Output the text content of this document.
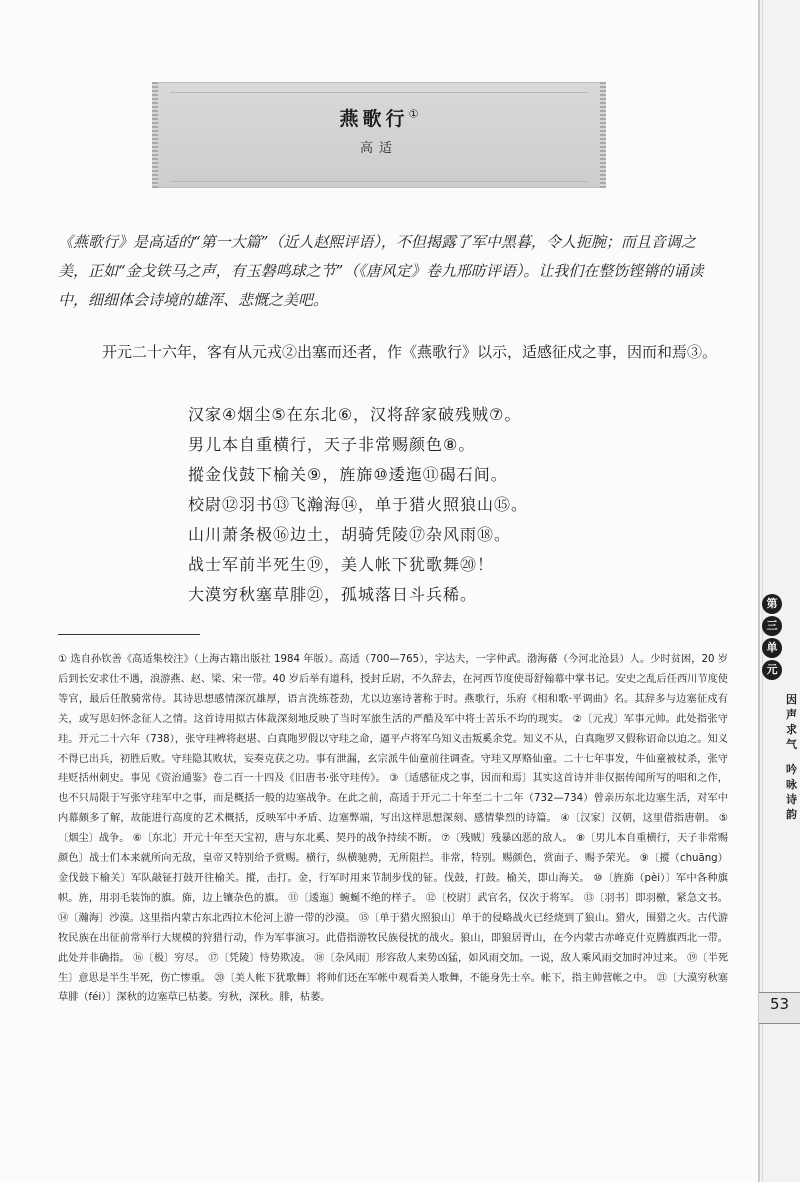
燕歌行①
高适
《燕歌行》是高适的“第一大篇”（近人赵熙评语），不但揭露了军中黑暮，令人扼腕；而且音调之美，正如“金戈铁马之声，有玉磐鸣球之节”（《唐风定》卷九邢昉评语）。让我们在整饬铿锵的诵读中，细细体会诗境的雄浑、悲慨之美吧。
开元二十六年，客有从元戎②出塞而还者，作《燕歌行》以示，适感征戍之事，因而和焉③。
汉家④烟尘⑤在东北⑥，汉将辞家破残贼⑦。
男儿本自重横行，天子非常赐颜色⑧。
摐金伐鼓下榆关⑨，旌旆⑩逶迤⑪碣石间。
校尉⑫羽书⑬飞瀚海⑭，单于猎火照狼山⑮。
山川萧条极⑯边土，胡骑凭陵⑰杂风雨⑱。
战士军前半死生⑲，美人帐下犹歌舞⑳！
大漠穷秋塞草腓㉑，孤城落日斗兵稀。
① 选自孙钦善《高适集校注》（上海古籍出版社 1984 年版）。高适（700—765），字达夫，一字仲武。渤海蓨（今河北沧县）人。少时贫困，20 岁后到长安求仕不遇，浪游燕、赵、梁、宋一带。40 岁后举有道科，授封丘尉，不久辞去，在河西节度使哥舒翰幕中掌书记。安史之乱后任西川节度使等官，最后任散骑常侍。其诗思想感情深沉雄厚，语言洗练苍劲，尤以边塞诗著称于时。燕歌行，乐府《相和歌·平调曲》名。其辞多与边塞征戍有关，或写思妇怀念征人之情。这首诗用拟古体裁深刻地反映了当时军旅生活的严酷及军中将士苦乐不均的现实。 ②〔元戎〕军事元帅。此处指张守珪。开元二十六年（738），张守珪裨将赵堪、白真陁罗假以守珪之命，逼平卢将军乌知义击叛奚余党。知义不从，白真陁罗又假称诏命以迫之。知义不得已出兵，初胜后败。守珪隐其败状，妄奏克获之功。事有泄漏，玄宗派牛仙童前往调查。守珪又厚赂仙童。二十七年事发，牛仙童被杖杀，张守珪贬括州刺史。事见《资治通鉴》卷二百一十四及《旧唐书·张守珪传》。 ③〔适感征戍之事，因而和焉〕其实这首诗并非仅据传闻所写的唱和之作，也不只局限于写张守珪军中之事，而是概括一般的边塞战争。在此之前，高适于开元二十年至二十二年（732—734）曾亲历东北边塞生活，对军中内幕颇多了解，故能进行高度的艺术概括，反映军中矛盾、边塞弊端，写出这样思想深刻、感情挚烈的诗篇。 ④〔汉家〕汉朝，这里借指唐朝。 ⑤〔烟尘〕战争。 ⑥〔东北〕开元十年至天宝初，唐与东北奚、契丹的战争持续不断。 ⑦〔残贼〕残暴凶恶的敌人。 ⑧〔男儿本自重横行，天子非常赐颜色〕战士们本来就所向无敌，皇帝又特别给予赏赐。横行，纵横驰骋，无所阻拦。非常，特别。赐颜色，赏面子、赐予荣光。 ⑨〔摐（chuāng）金伐鼓下榆关〕军队敲钲打鼓开往榆关。摐，击打。金，行军时用来节制步伐的钲。伐鼓，打鼓。榆关，即山海关。 ⑩〔旌旆（pèi）〕军中各种旗帜。旌，用羽毛装饰的旗。旆，边上镶杂色的旗。 ⑪〔逶迤〕蜿蜒不绝的样子。 ⑫〔校尉〕武官名，仅次于将军。 ⑬〔羽书〕即羽檄，紧急文书。 ⑭〔瀚海〕沙漠。这里指内蒙古东北西拉木伦河上游一带的沙漠。 ⑮〔单于猎火照狼山〕单于的侵略战火已经烧到了狼山。猎火，围猎之火。古代游牧民族在出征前常举行大规模的狩猎行动，作为军事演习。此借指游牧民族侵扰的战火。狼山，即狼居胥山，在今内蒙古赤峰克什克腾旗西北一带。此处并非确指。 ⑯〔极〕穷尽。 ⑰〔凭陵〕恃势欺凌。 ⑱〔杂风雨〕形容敌人来势凶猛，如风雨交加。一说，敌人乘风雨交加时冲过来。 ⑲〔半死生〕意思是半生半死，伤亡惨重。 ⑳〔美人帐下犹歌舞〕将帅们还在军帐中观看美人歌舞，不能身先士卒。帐下，指主帅营帐之中。 ㉑〔大漠穷秋塞草腓（féi）〕深秋的边塞草已枯萎。穷秋，深秋。腓，枯萎。
第
三
单
元
因声求气
吟咏诗韵
53
